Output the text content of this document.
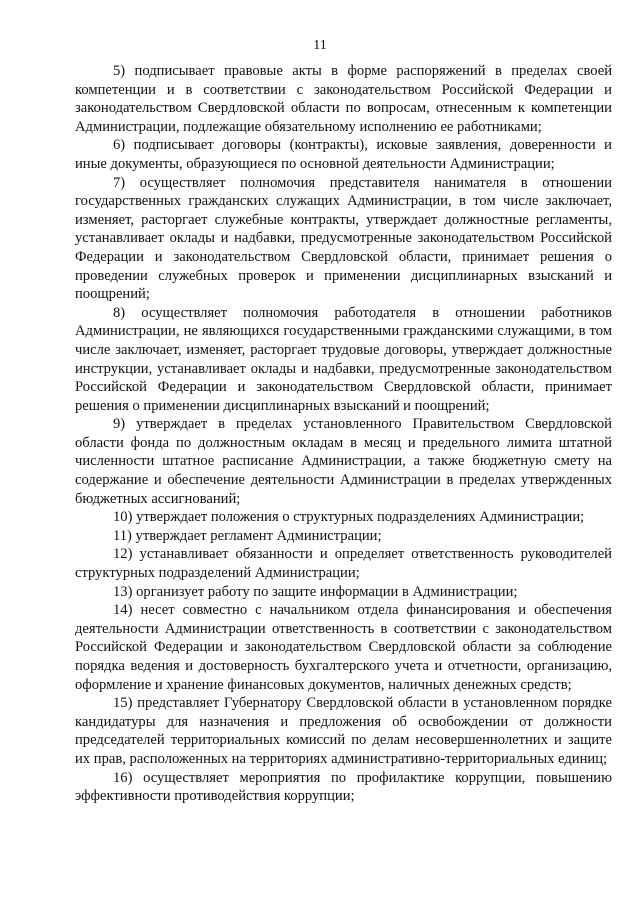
11

5) подписывает правовые акты в форме распоряжений в пределах своей компетенции и в соответствии с законодательством Российской Федерации и законодательством Свердловской области по вопросам, отнесенным к компетенции Администрации, подлежащие обязательному исполнению ее работниками;

6) подписывает договоры (контракты), исковые заявления, доверенности и иные документы, образующиеся по основной деятельности Администрации;

7) осуществляет полномочия представителя нанимателя в отношении государственных гражданских служащих Администрации, в том числе заключает, изменяет, расторгает служебные контракты, утверждает должностные регламенты, устанавливает оклады и надбавки, предусмотренные законодательством Российской Федерации и законодательством Свердловской области, принимает решения о проведении служебных проверок и применении дисциплинарных взысканий и поощрений;

8) осуществляет полномочия работодателя в отношении работников Администрации, не являющихся государственными гражданскими служащими, в том числе заключает, изменяет, расторгает трудовые договоры, утверждает должностные инструкции, устанавливает оклады и надбавки, предусмотренные законодательством Российской Федерации и законодательством Свердловской области, принимает решения о применении дисциплинарных взысканий и поощрений;

9) утверждает в пределах установленного Правительством Свердловской области фонда по должностным окладам в месяц и предельного лимита штатной численности штатное расписание Администрации, а также бюджетную смету на содержание и обеспечение деятельности Администрации в пределах утвержденных бюджетных ассигнований;

10) утверждает положения о структурных подразделениях Администрации;

11) утверждает регламент Администрации;

12) устанавливает обязанности и определяет ответственность руководителей структурных подразделений Администрации;

13) организует работу по защите информации в Администрации;

14) несет совместно с начальником отдела финансирования и обеспечения деятельности Администрации ответственность в соответствии с законодательством Российской Федерации и законодательством Свердловской области за соблюдение порядка ведения и достоверность бухгалтерского учета и отчетности, организацию, оформление и хранение финансовых документов, наличных денежных средств;

15) представляет Губернатору Свердловской области в установленном порядке кандидатуры для назначения и предложения об освобождении от должности председателей территориальных комиссий по делам несовершеннолетних и защите их прав, расположенных на территориях административно-территориальных единиц;

16) осуществляет мероприятия по профилактике коррупции, повышению эффективности противодействия коррупции;
